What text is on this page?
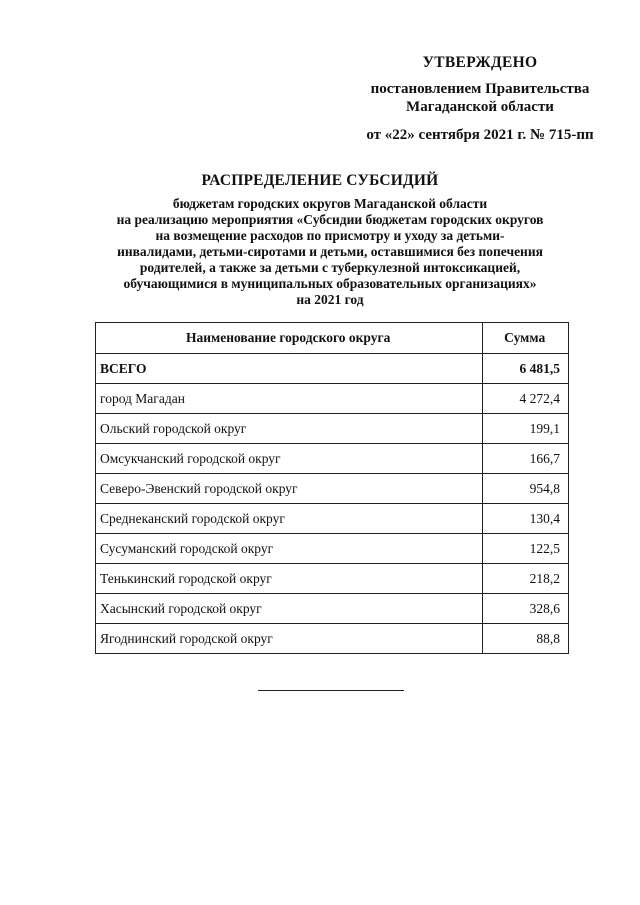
УТВЕРЖДЕНО
постановлением Правительства
Магаданской области
от «22» сентября 2021 г. № 715-пп
РАСПРЕДЕЛЕНИЕ СУБСИДИЙ
бюджетам городских округов Магаданской области
на реализацию мероприятия «Субсидии бюджетам городских округов
на возмещение расходов по присмотру и уходу за детьми-
инвалидами, детьми-сиротами и детьми, оставшимися без попечения
родителей, а также за детьми с туберкулезной интоксикацией,
обучающимися в муниципальных образовательных организациях»
на 2021 год
Наименование городского округа	Сумма
ВСЕГО	6 481,5
город Магадан	4 272,4
Ольский городской округ	199,1
Омсукчанский городской округ	166,7
Северо-Эвенский городской округ	954,8
Среднеканский городской округ	130,4
Сусуманский городской округ	122,5
Тенькинский городской округ	218,2
Хасынский городской округ	328,6
Ягоднинский городской округ	88,8
